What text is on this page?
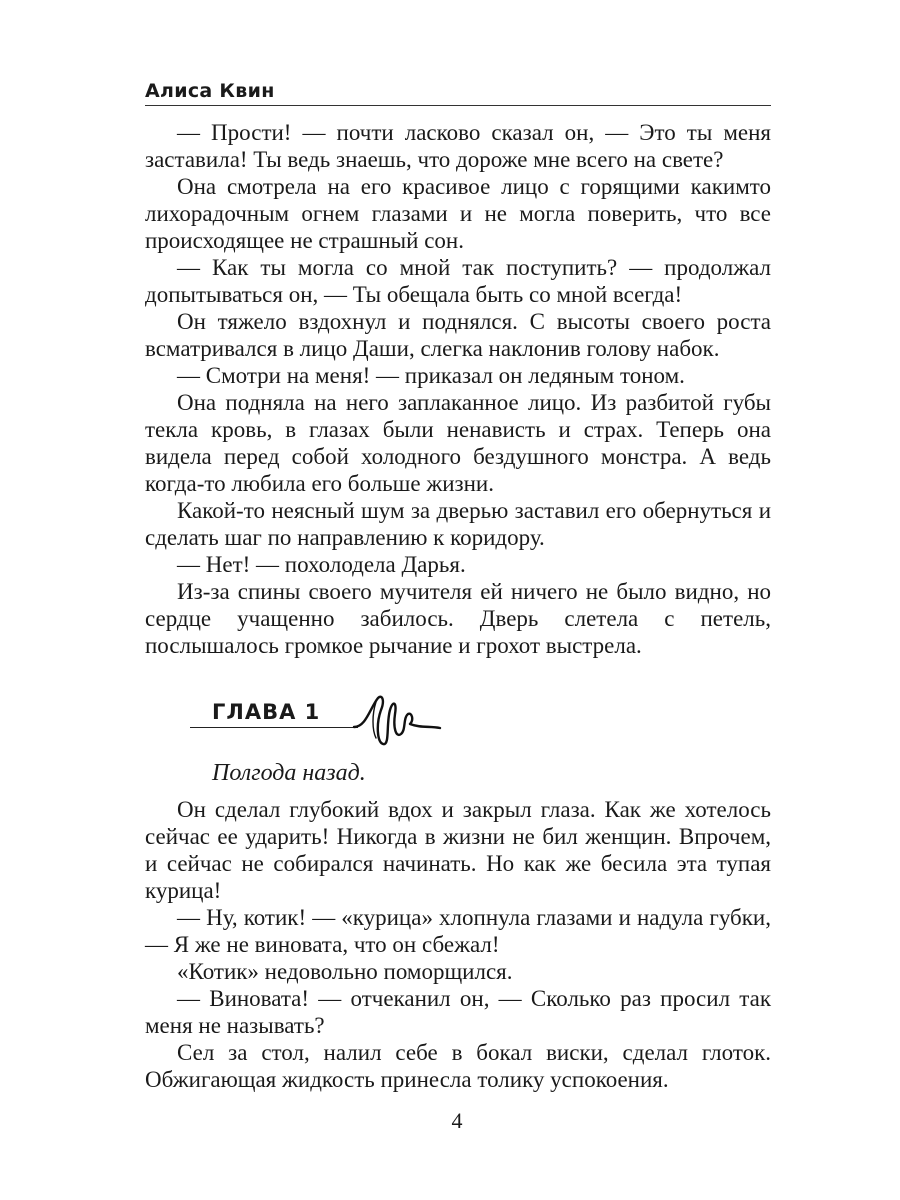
Алиса Квин

— Прости! — почти ласково сказал он, — Это ты меня заставила! Ты ведь знаешь, что дороже мне всего на свете?

Она смотрела на его красивое лицо с горящими какимто лихорадочным огнем глазами и не могла поверить, что все происходящее не страшный сон.

— Как ты могла со мной так поступить? — продолжал допытываться он, — Ты обещала быть со мной всегда!

Он тяжело вздохнул и поднялся. С высоты своего роста всматривался в лицо Даши, слегка наклонив голову набок.

— Смотри на меня! — приказал он ледяным тоном.

Она подняла на него заплаканное лицо. Из разбитой губы текла кровь, в глазах были ненависть и страх. Теперь она видела перед собой холодного бездушного монстра. А ведь когда-то любила его больше жизни.

Какой-то неясный шум за дверью заставил его обернуться и сделать шаг по направлению к коридору.

— Нет! — похолодела Дарья.

Из-за спины своего мучителя ей ничего не было видно, но сердце учащенно забилось. Дверь слетела с петель, послышалось громкое рычание и грохот выстрела.

ГЛАВА 1
Полгода назад.

Он сделал глубокий вдох и закрыл глаза. Как же хотелось сейчас ее ударить! Никогда в жизни не бил женщин. Впрочем, и сейчас не собирался начинать. Но как же бесила эта тупая курица!

— Ну, котик! — «курица» хлопнула глазами и надула губки, — Я же не виновата, что он сбежал!

«Котик» недовольно поморщился.

— Виновата! — отчеканил он, — Сколько раз просил так меня не называть?

Сел за стол, налил себе в бокал виски, сделал глоток. Обжигающая жидкость принесла толику успокоения.

4
